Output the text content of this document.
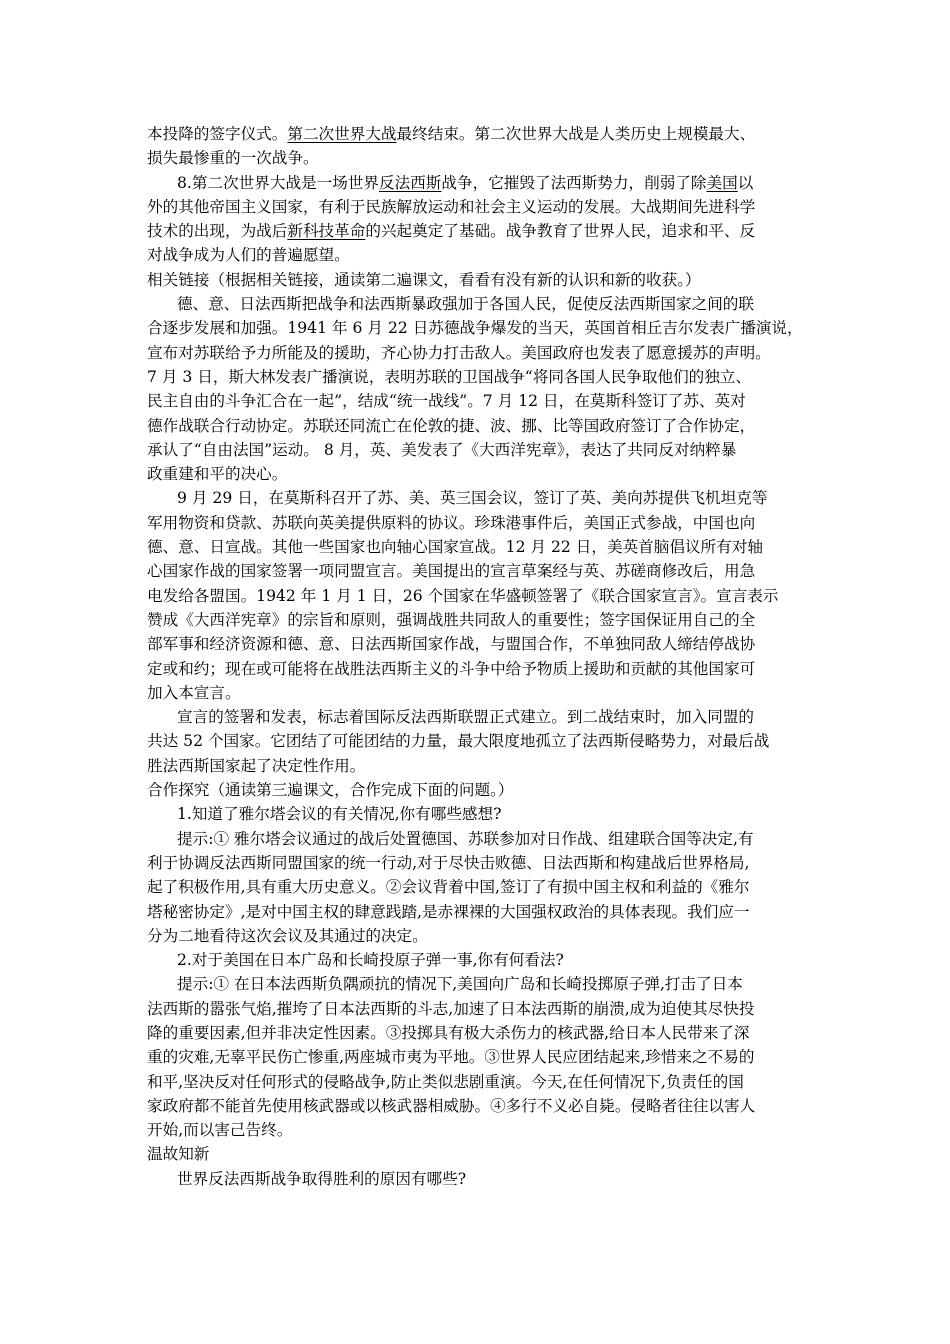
本投降的签字仪式。第二次世界大战最终结束。第二次世界大战是人类历史上规模最大、
损失最惨重的一次战争。
8.第二次世界大战是一场世界反法西斯战争，它摧毁了法西斯势力，削弱了除美国以
外的其他帝国主义国家，有利于民族解放运动和社会主义运动的发展。大战期间先进科学
技术的出现，为战后新科技革命的兴起奠定了基础。战争教育了世界人民，追求和平、反
对战争成为人们的普遍愿望。
相关链接（根据相关链接，通读第二遍课文，看看有没有新的认识和新的收获。）
德、意、日法西斯把战争和法西斯暴政强加于各国人民，促使反法西斯国家之间的联
合逐步发展和加强。1941 年 6 月 22 日苏德战争爆发的当天，英国首相丘吉尔发表广播演说，
宣布对苏联给予力所能及的援助，齐心协力打击敌人。美国政府也发表了愿意援苏的声明。
7 月 3 日，斯大林发表广播演说，表明苏联的卫国战争“将同各国人民争取他们的独立、
民主自由的斗争汇合在一起”，结成“统一战线”。7 月 12 日，在莫斯科签订了苏、英对
德作战联合行动协定。苏联还同流亡在伦敦的捷、波、挪、比等国政府签订了合作协定，
承认了“自由法国”运动。 8 月，英、美发表了《大西洋宪章》，表达了共同反对纳粹暴
政重建和平的决心。
9 月 29 日，在莫斯科召开了苏、美、英三国会议，签订了英、美向苏提供飞机坦克等
军用物资和贷款、苏联向英美提供原料的协议。珍珠港事件后，美国正式参战，中国也向
德、意、日宣战。其他一些国家也向轴心国家宣战。12 月 22 日，美英首脑倡议所有对轴
心国家作战的国家签署一项同盟宣言。美国提出的宣言草案经与英、苏磋商修改后，用急
电发给各盟国。1942 年 1 月 1 日，26 个国家在华盛顿签署了《联合国家宣言》。宣言表示
赞成《大西洋宪章》的宗旨和原则，强调战胜共同敌人的重要性；签字国保证用自己的全
部军事和经济资源和德、意、日法西斯国家作战，与盟国合作，不单独同敌人缔结停战协
定或和约；现在或可能将在战胜法西斯主义的斗争中给予物质上援助和贡献的其他国家可
加入本宣言。
宣言的签署和发表，标志着国际反法西斯联盟正式建立。到二战结束时，加入同盟的
共达 52 个国家。它团结了可能团结的力量，最大限度地孤立了法西斯侵略势力，对最后战
胜法西斯国家起了决定性作用。
合作探究（通读第三遍课文，合作完成下面的问题。）
1.知道了雅尔塔会议的有关情况,你有哪些感想?
提示:① 雅尔塔会议通过的战后处置德国、苏联参加对日作战、组建联合国等决定,有
利于协调反法西斯同盟国家的统一行动,对于尽快击败德、日法西斯和构建战后世界格局,
起了积极作用,具有重大历史意义。②会议背着中国,签订了有损中国主权和利益的《雅尔
塔秘密协定》,是对中国主权的肆意践踏,是赤裸裸的大国强权政治的具体表现。我们应一
分为二地看待这次会议及其通过的决定。
2.对于美国在日本广岛和长崎投原子弹一事,你有何看法?
提示:① 在日本法西斯负隅顽抗的情况下,美国向广岛和长崎投掷原子弹,打击了日本
法西斯的嚣张气焰,摧垮了日本法西斯的斗志,加速了日本法西斯的崩溃,成为迫使其尽快投
降的重要因素,但并非决定性因素。③投掷具有极大杀伤力的核武器,给日本人民带来了深
重的灾难,无辜平民伤亡惨重,两座城市夷为平地。③世界人民应团结起来,珍惜来之不易的
和平,坚决反对任何形式的侵略战争,防止类似悲剧重演。今天,在任何情况下,负责任的国
家政府都不能首先使用核武器或以核武器相威胁。④多行不义必自毙。侵略者往往以害人
开始,而以害己告终。
温故知新
世界反法西斯战争取得胜利的原因有哪些?
